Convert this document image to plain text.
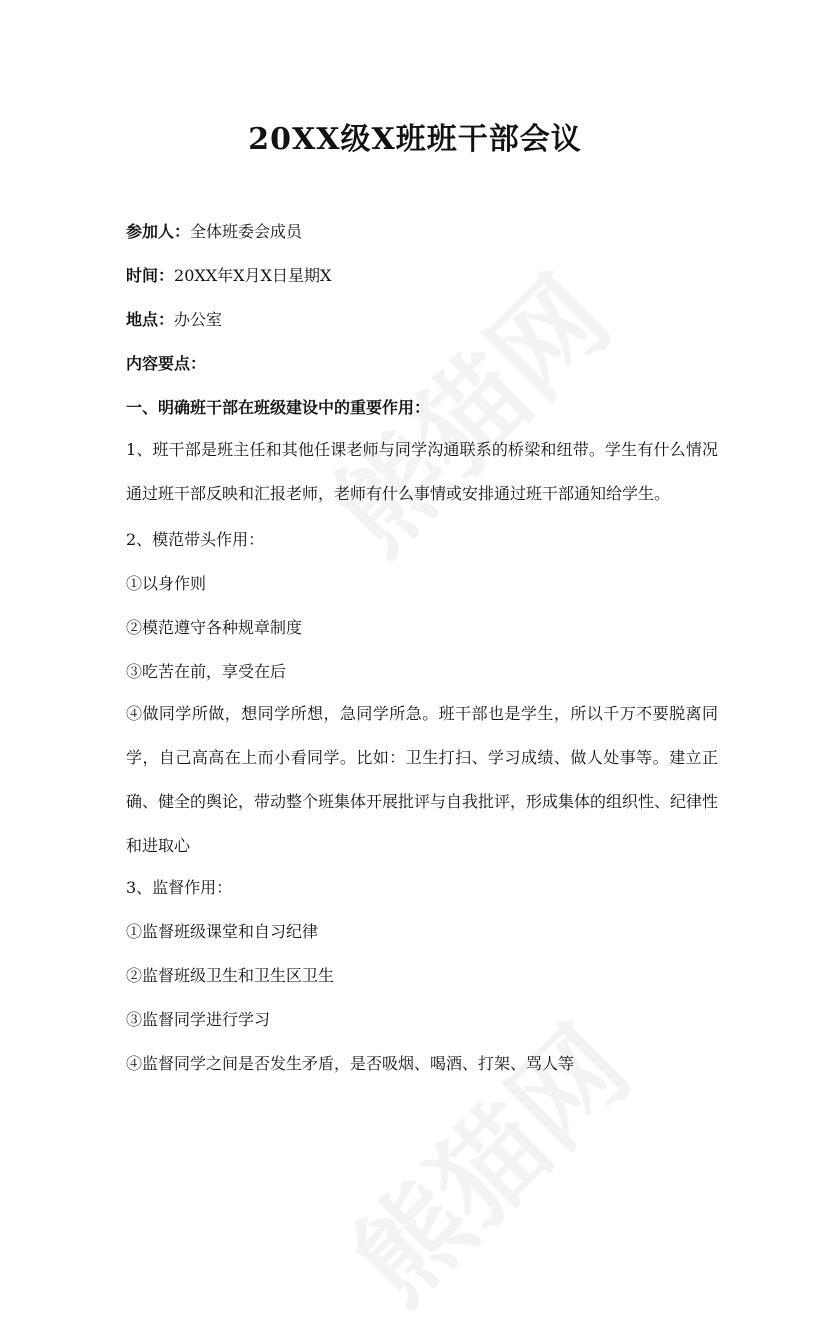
20XX级X班班干部会议
参加人：全体班委会成员
时间：20XX年X月X日星期X
地点：办公室
内容要点：
一、明确班干部在班级建设中的重要作用：
1、班干部是班主任和其他任课老师与同学沟通联系的桥梁和纽带。学生有什么情况通过班干部反映和汇报老师，老师有什么事情或安排通过班干部通知给学生。
2、模范带头作用：
①以身作则
②模范遵守各种规章制度
③吃苦在前，享受在后
④做同学所做，想同学所想，急同学所急。班干部也是学生，所以千万不要脱离同学，自己高高在上而小看同学。比如：卫生打扫、学习成绩、做人处事等。建立正确、健全的舆论，带动整个班集体开展批评与自我批评，形成集体的组织性、纪律性和进取心
3、监督作用：
①监督班级课堂和自习纪律
②监督班级卫生和卫生区卫生
③监督同学进行学习
④监督同学之间是否发生矛盾，是否吸烟、喝酒、打架、骂人等
